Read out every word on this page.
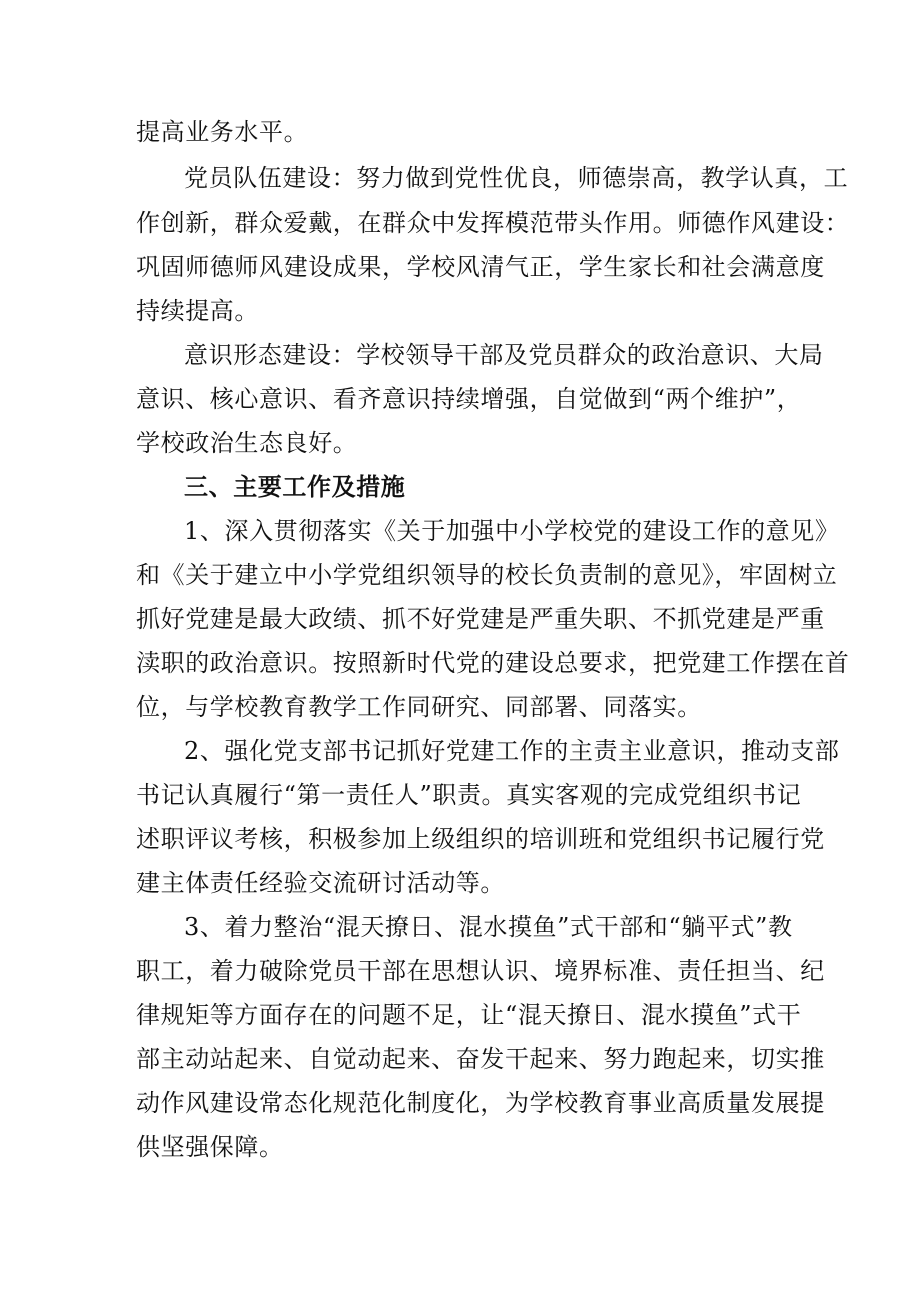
提高业务水平。
党员队伍建设：努力做到党性优良，师德崇高，教学认真，工
作创新，群众爱戴，在群众中发挥模范带头作用。师德作风建设：
巩固师德师风建设成果，学校风清气正，学生家长和社会满意度
持续提高。
意识形态建设：学校领导干部及党员群众的政治意识、大局
意识、核心意识、看齐意识持续增强，自觉做到“两个维护”，
学校政治生态良好。
三、主要工作及措施
1、深入贯彻落实《关于加强中小学校党的建设工作的意见》
和《关于建立中小学党组织领导的校长负责制的意见》，牢固树立
抓好党建是最大政绩、抓不好党建是严重失职、不抓党建是严重
渎职的政治意识。按照新时代党的建设总要求，把党建工作摆在首
位，与学校教育教学工作同研究、同部署、同落实。
2、强化党支部书记抓好党建工作的主责主业意识，推动支部
书记认真履行“第一责任人”职责。真实客观的完成党组织书记
述职评议考核，积极参加上级组织的培训班和党组织书记履行党
建主体责任经验交流研讨活动等。
3、着力整治“混天撩日、混水摸鱼”式干部和“躺平式”教
职工，着力破除党员干部在思想认识、境界标准、责任担当、纪
律规矩等方面存在的问题不足，让“混天撩日、混水摸鱼”式干
部主动站起来、自觉动起来、奋发干起来、努力跑起来，切实推
动作风建设常态化规范化制度化，为学校教育事业高质量发展提
供坚强保障。
